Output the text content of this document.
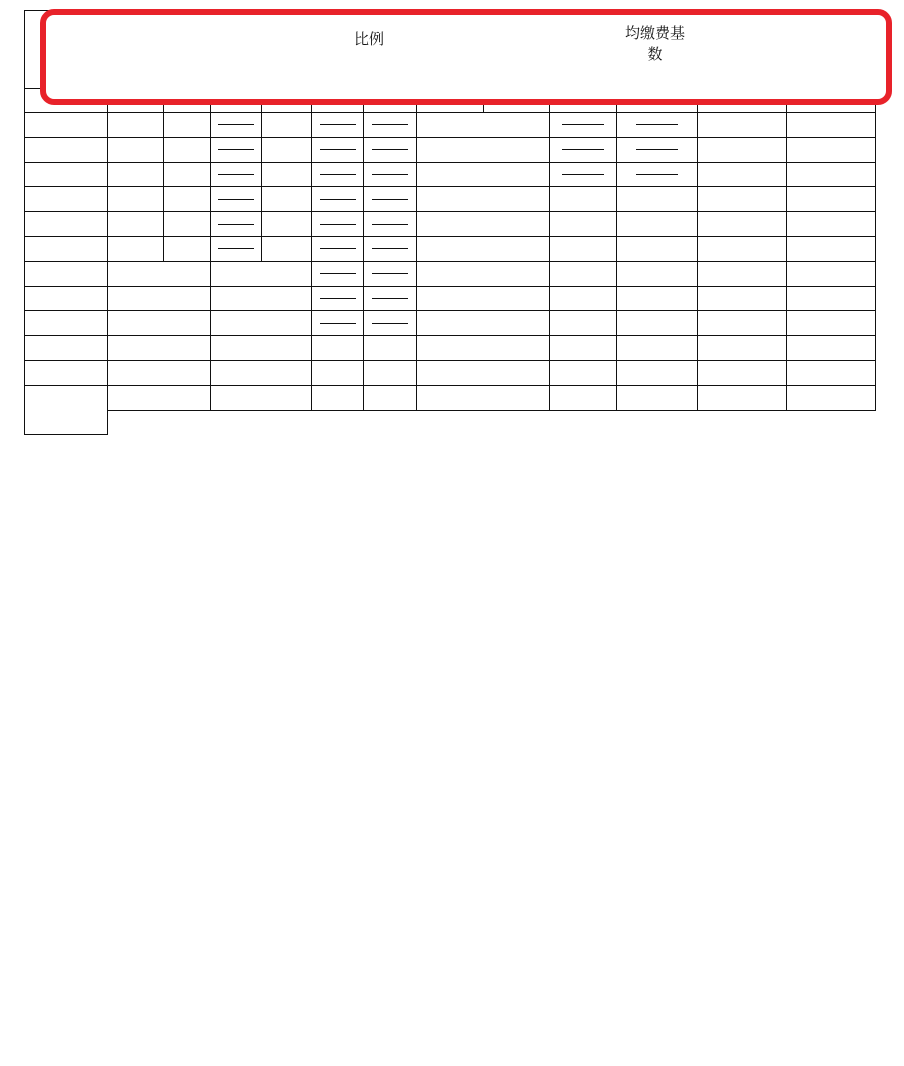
比例	均缴费基
数
